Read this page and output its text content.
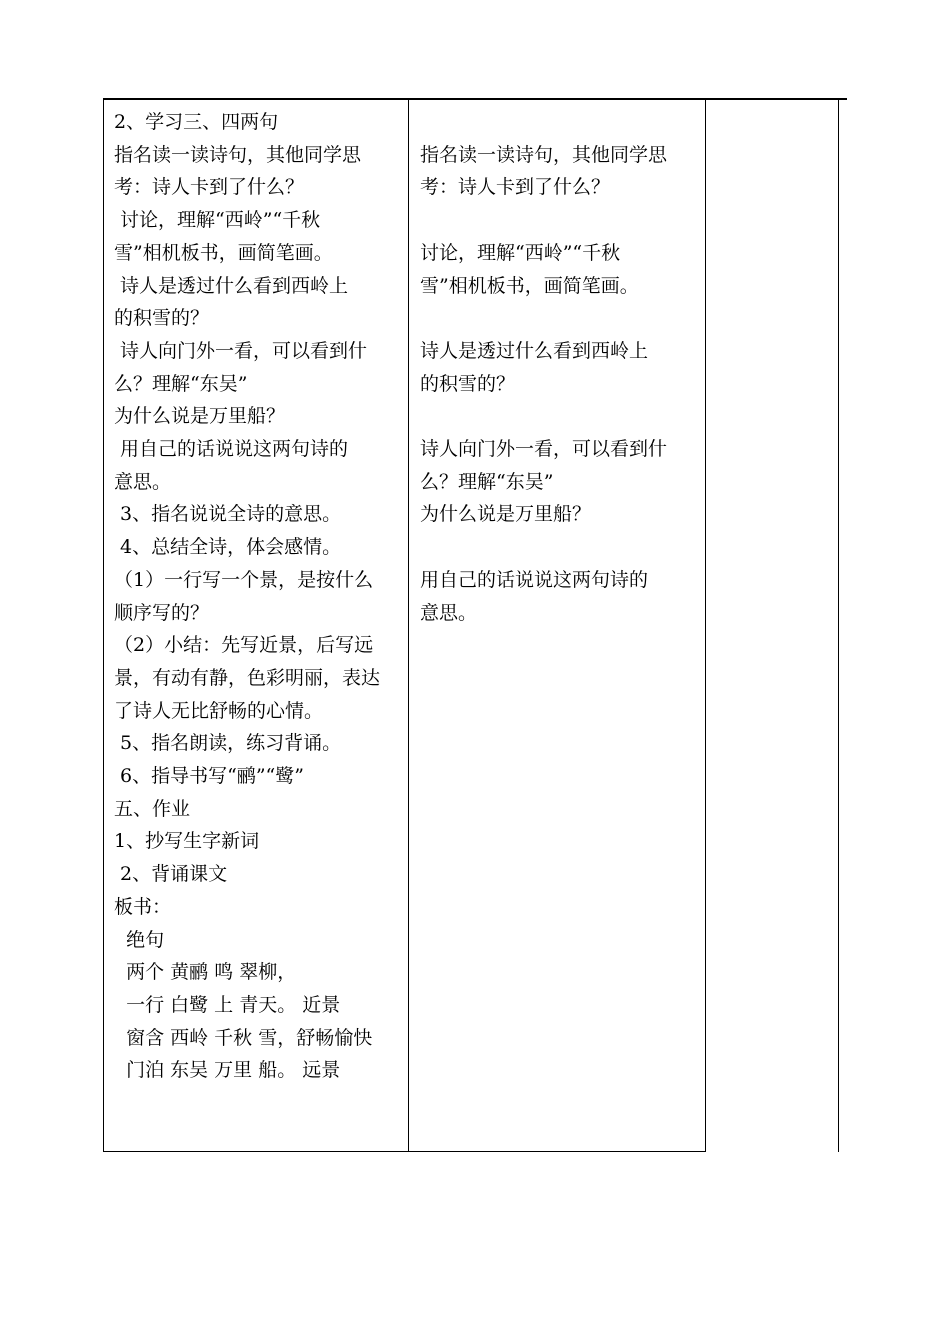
2、学习三、四两句
指名读一读诗句，其他同学思
考：诗人卡到了什么？
讨论，理解“西岭”“千秋
雪”相机板书，画简笔画。
诗人是透过什么看到西岭上
的积雪的？
诗人向门外一看，可以看到什
么？理解“东吴”
为什么说是万里船？
用自己的话说说这两句诗的
意思。
3、指名说说全诗的意思。
4、总结全诗，体会感情。
（1）一行写一个景，是按什么
顺序写的？
（2）小结：先写近景，后写远
景，有动有静，色彩明丽，表达
了诗人无比舒畅的心情。
5、指名朗读，练习背诵。
6、指导书写“鹂”“鹭”
五、作业
1、抄写生字新词
2、背诵课文
板书：
绝句
两个 黄鹂 鸣 翠柳，
一行 白鹭 上 青天。 近景
窗含 西岭 千秋 雪，舒畅愉快
门泊 东吴 万里 船。 远景

指名读一读诗句，其他同学思
考：诗人卡到了什么？

讨论，理解“西岭”“千秋
雪”相机板书，画简笔画。

诗人是透过什么看到西岭上
的积雪的？

诗人向门外一看，可以看到什
么？理解“东吴”
为什么说是万里船？

用自己的话说说这两句诗的
意思。
